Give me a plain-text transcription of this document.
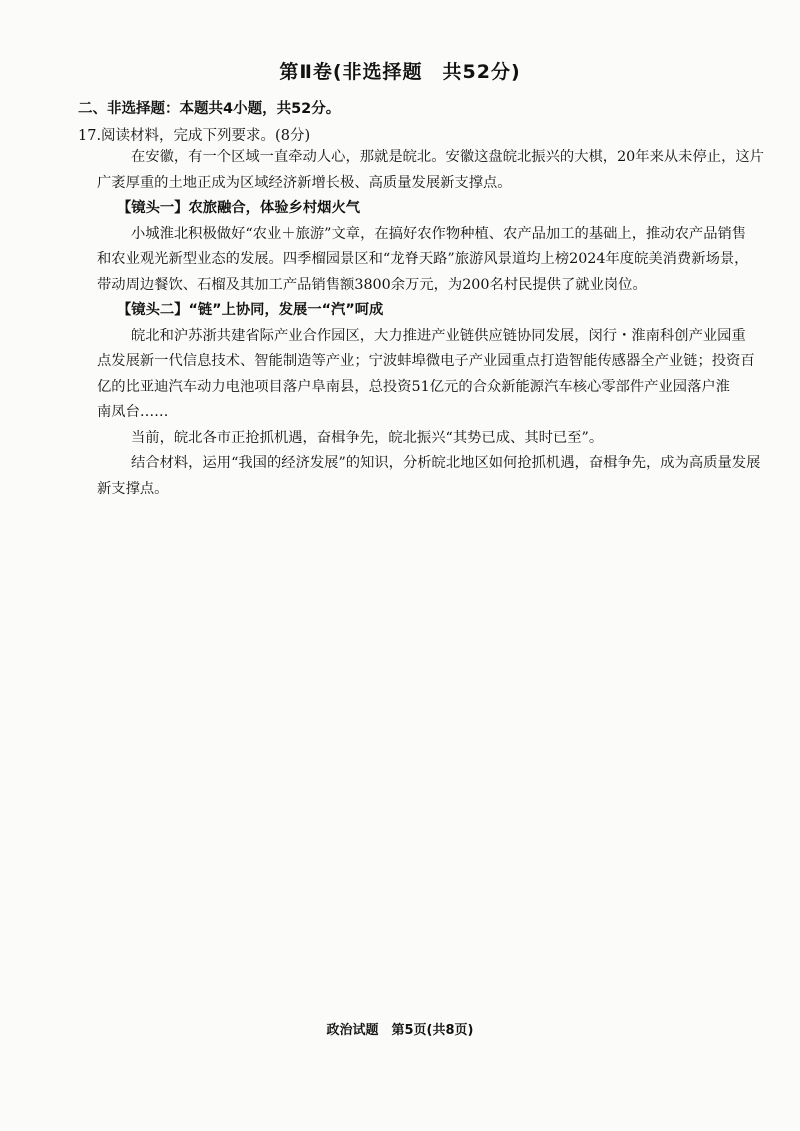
第Ⅱ卷(非选择题　共52分)
二、非选择题：本题共4小题，共52分。
17.阅读材料，完成下列要求。(8分)

在安徽，有一个区域一直牵动人心，那就是皖北。安徽这盘皖北振兴的大棋，20年来从未停止，这片

广袤厚重的土地正成为区域经济新增长极、高质量发展新支撑点。

【镜头一】农旅融合，体验乡村烟火气

小城淮北积极做好“农业＋旅游”文章，在搞好农作物种植、农产品加工的基础上，推动农产品销售

和农业观光新型业态的发展。四季榴园景区和“龙脊天路”旅游风景道均上榜2024年度皖美消费新场景，

带动周边餐饮、石榴及其加工产品销售额3800余万元，为200名村民提供了就业岗位。

【镜头二】“链”上协同，发展一“汽”呵成

皖北和沪苏浙共建省际产业合作园区，大力推进产业链供应链协同发展，闵行・淮南科创产业园重

点发展新一代信息技术、智能制造等产业；宁波蚌埠微电子产业园重点打造智能传感器全产业链；投资百

亿的比亚迪汽车动力电池项目落户阜南县，总投资51亿元的合众新能源汽车核心零部件产业园落户淮

南凤台……

当前，皖北各市正抢抓机遇，奋楫争先，皖北振兴“其势已成、其时已至”。

结合材料，运用“我国的经济发展”的知识，分析皖北地区如何抢抓机遇，奋楫争先，成为高质量发展

新支撑点。

政治试题　第5页(共8页)
